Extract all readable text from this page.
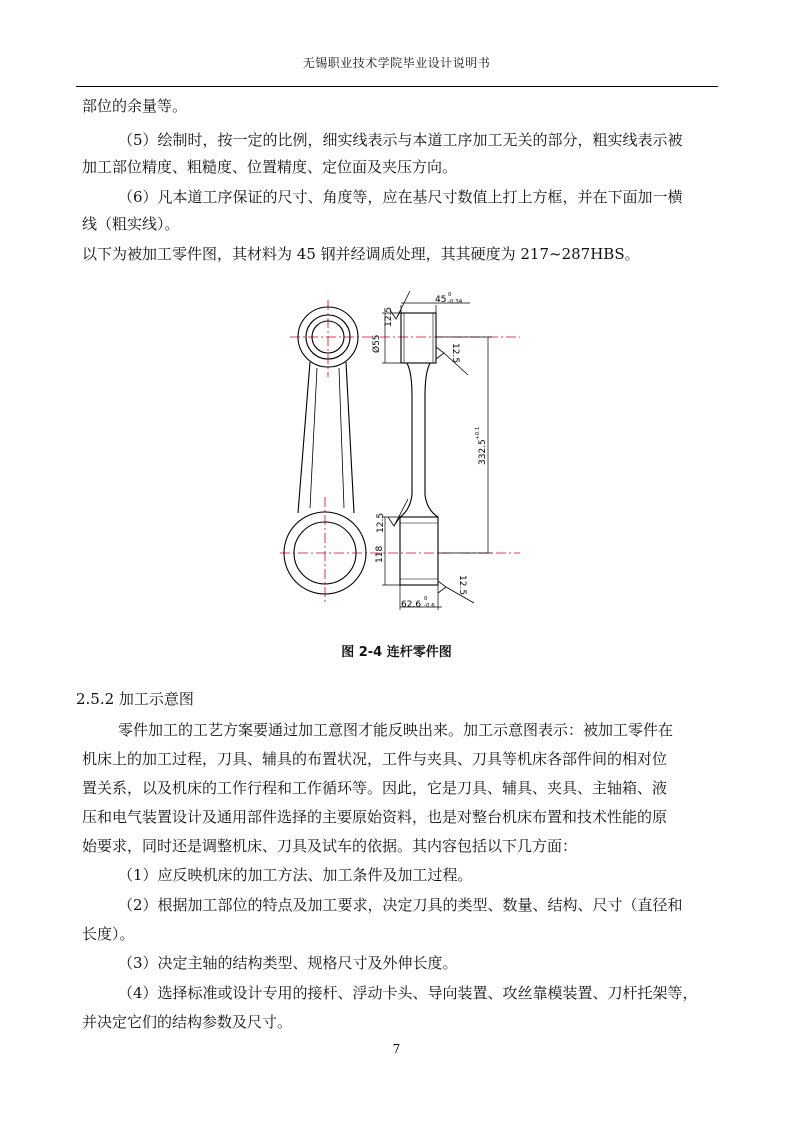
无锡职业技术学院毕业设计说明书
部位的余量等。
（5）绘制时，按一定的比例，细实线表示与本道工序加工无关的部分，粗实线表示被
加工部位精度、粗糙度、位置精度、定位面及夹压方向。
（6）凡本道工序保证的尺寸、角度等，应在基尺寸数值上打上方框，并在下面加一横
线（粗实线）。
以下为被加工零件图，其材料为 45 钢并经调质处理，其其硬度为 217~287HBS。
45 0
-0.34
12.5
Ø55	12.5
332.5
+0.1
12.5
118
12.5
62.6
0
-0.6
图 2-4 连杆零件图
2.5.2 加工示意图
零件加工的工艺方案要通过加工意图才能反映出来。加工示意图表示：被加工零件在
机床上的加工过程，刀具、辅具的布置状况，工件与夹具、刀具等机床各部件间的相对位
置关系，以及机床的工作行程和工作循环等。因此，它是刀具、辅具、夹具、主轴箱、液
压和电气装置设计及通用部件选择的主要原始资料，也是对整台机床布置和技术性能的原
始要求，同时还是调整机床、刀具及试车的依据。其内容包括以下几方面：
（1）应反映机床的加工方法、加工条件及加工过程。
（2）根据加工部位的特点及加工要求，决定刀具的类型、数量、结构、尺寸（直径和
长度）。
（3）决定主轴的结构类型、规格尺寸及外伸长度。
（4）选择标准或设计专用的接杆、浮动卡头、导向装置、攻丝靠模装置、刀杆托架等，
并决定它们的结构参数及尺寸。
7
